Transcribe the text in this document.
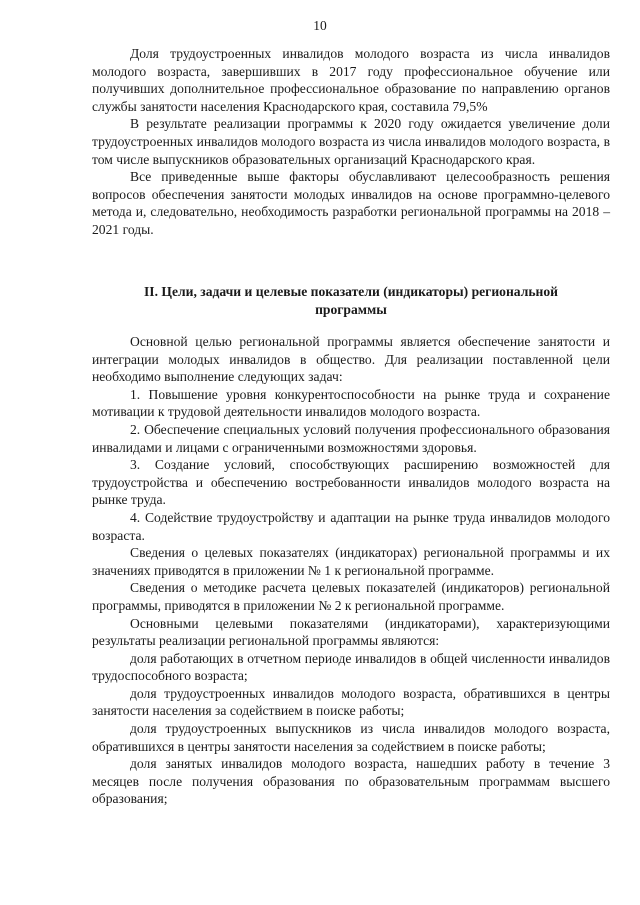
10

Доля трудоустроенных инвалидов молодого возраста из числа инвалидов молодого возраста, завершивших в 2017 году профессиональное обучение или получивших дополнительное профессиональное образование по направлению органов службы занятости населения Краснодарского края, составила 79,5%

В результате реализации программы к 2020 году ожидается увеличение доли трудоустроенных инвалидов молодого возраста из числа инвалидов молодого возраста, в том числе выпускников образовательных организаций Краснодарского края.

Все приведенные выше факторы обуславливают целесообразность решения вопросов обеспечения занятости молодых инвалидов на основе программно-целевого метода и, следовательно, необходимость разработки региональной программы на 2018 – 2021 годы.

II. Цели, задачи и целевые показатели (индикаторы) региональной программы

Основной целью региональной программы является обеспечение занятости и интеграции молодых инвалидов в общество. Для реализации поставленной цели необходимо выполнение следующих задач:

1. Повышение уровня конкурентоспособности на рынке труда и сохранение мотивации к трудовой деятельности инвалидов молодого возраста.

2. Обеспечение специальных условий получения профессионального образования инвалидами и лицами с ограниченными возможностями здоровья.

3. Создание условий, способствующих расширению возможностей для трудоустройства и обеспечению востребованности инвалидов молодого возраста на рынке труда.

4. Содействие трудоустройству и адаптации на рынке труда инвалидов молодого возраста.

Сведения о целевых показателях (индикаторах) региональной программы и их значениях приводятся в приложении № 1 к региональной программе.

Сведения о методике расчета целевых показателей (индикаторов) региональной программы, приводятся в приложении № 2 к региональной программе.

Основными целевыми показателями (индикаторами), характеризующими результаты реализации региональной программы являются:

доля работающих в отчетном периоде инвалидов в общей численности инвалидов трудоспособного возраста;

доля трудоустроенных инвалидов молодого возраста, обратившихся в центры занятости населения за содействием в поиске работы;

доля трудоустроенных выпускников из числа инвалидов молодого возраста, обратившихся в центры занятости населения за содействием в поиске работы;

доля занятых инвалидов молодого возраста, нашедших работу в течение 3 месяцев после получения образования по образовательным программам высшего образования;
